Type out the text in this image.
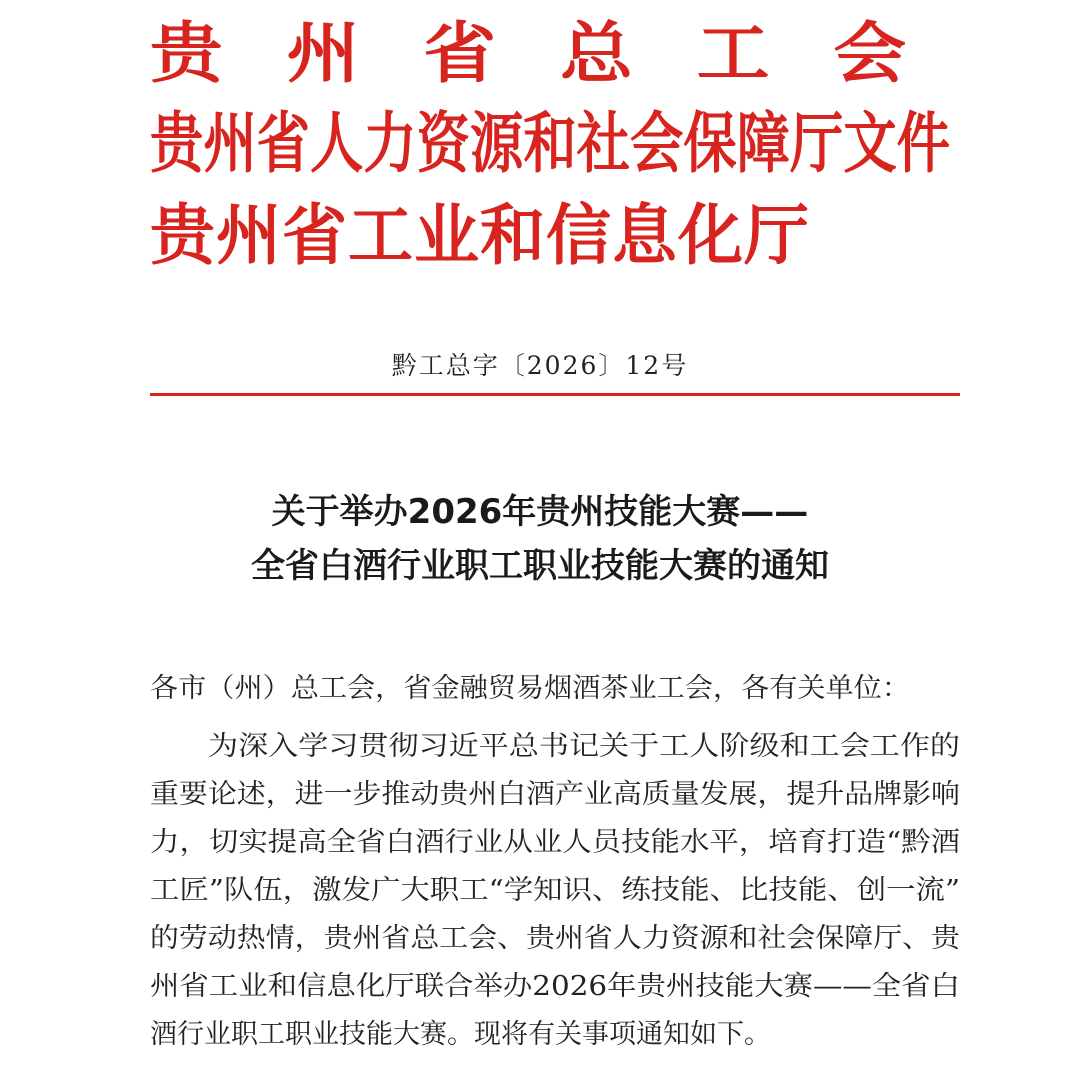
贵州省总工会
贵州省人力资源和社会保障厅文件
贵州省工业和信息化厅
黔工总字〔2026〕12号
关于举办2026年贵州技能大赛——
全省白酒行业职工职业技能大赛的通知
各市（州）总工会，省金融贸易烟酒茶业工会，各有关单位：
为深入学习贯彻习近平总书记关于工人阶级和工会工作的
重要论述，进一步推动贵州白酒产业高质量发展，提升品牌影响
力，切实提高全省白酒行业从业人员技能水平，培育打造“黔酒
工匠”队伍，激发广大职工“学知识、练技能、比技能、创一流”
的劳动热情，贵州省总工会、贵州省人力资源和社会保障厅、贵
州省工业和信息化厅联合举办2026年贵州技能大赛——全省白
酒行业职工职业技能大赛。现将有关事项通知如下。
